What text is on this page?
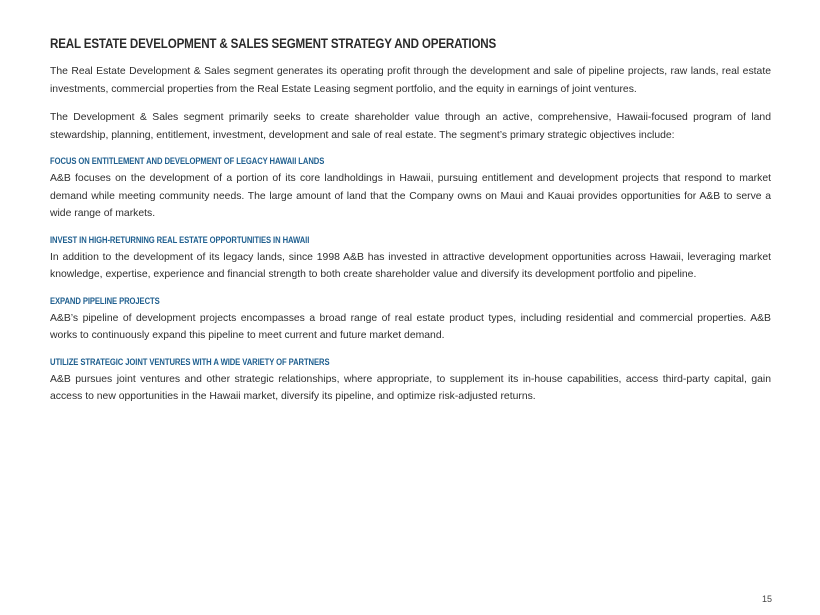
REAL ESTATE DEVELOPMENT & SALES SEGMENT STRATEGY AND OPERATIONS

The Real Estate Development & Sales segment generates its operating profit through the development and sale of pipeline projects, raw lands, real estate investments, commercial properties from the Real Estate Leasing segment portfolio, and the equity in earnings of joint ventures.

The Development & Sales segment primarily seeks to create shareholder value through an active, comprehensive, Hawaii-focused program of land stewardship, planning, entitlement, investment, development and sale of real estate. The segment’s primary strategic objectives include:

FOCUS ON ENTITLEMENT AND DEVELOPMENT OF LEGACY HAWAII LANDS

A&B focuses on the development of a portion of its core landholdings in Hawaii, pursuing entitlement and development projects that respond to market demand while meeting community needs. The large amount of land that the Company owns on Maui and Kauai provides opportunities for A&B to serve a wide range of markets.

INVEST IN HIGH-RETURNING REAL ESTATE OPPORTUNITIES IN HAWAII

In addition to the development of its legacy lands, since 1998 A&B has invested in attractive development opportunities across Hawaii, leveraging market knowledge, expertise, experience and financial strength to both create shareholder value and diversify its development portfolio and pipeline.

EXPAND PIPELINE PROJECTS

A&B’s pipeline of development projects encompasses a broad range of real estate product types, including residential and commercial properties. A&B works to continuously expand this pipeline to meet current and future market demand.

UTILIZE STRATEGIC JOINT VENTURES WITH A WIDE VARIETY OF PARTNERS

A&B pursues joint ventures and other strategic relationships, where appropriate, to supplement its in-house capabilities, access third-party capital, gain access to new opportunities in the Hawaii market, diversify its pipeline, and optimize risk-adjusted returns.

15
